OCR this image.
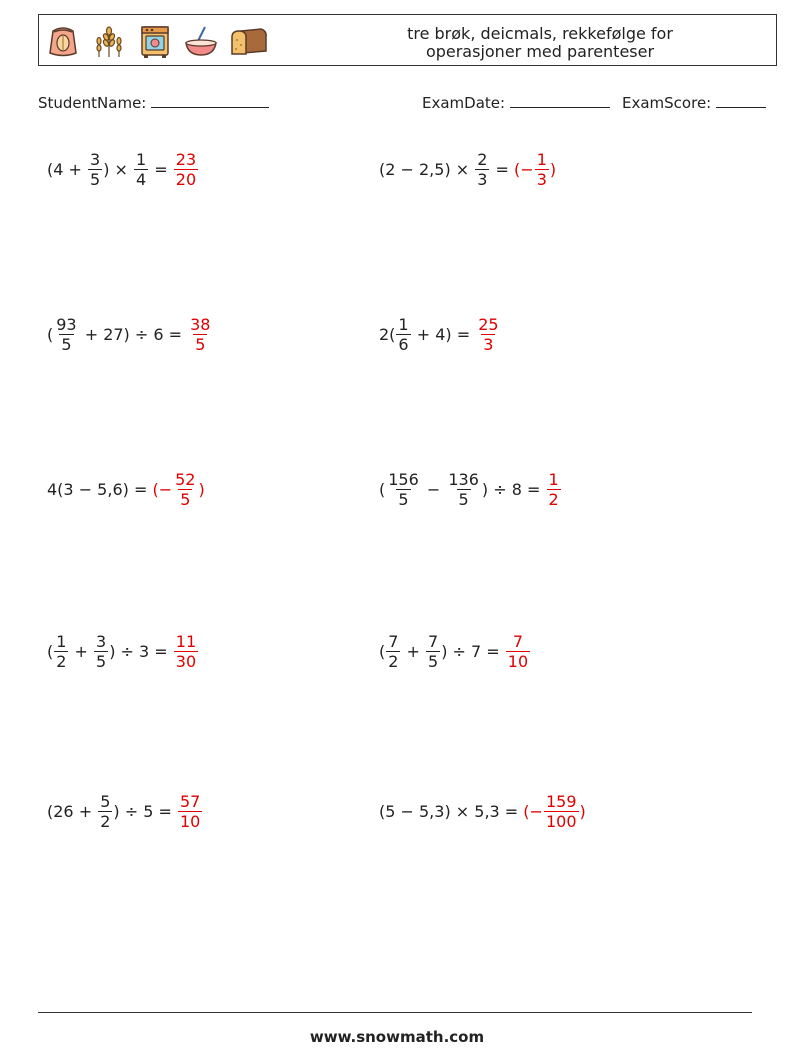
tre brøk, deicmals, rekkefølge for
operasjoner med parenteser
StudentName:	ExamDate:	ExamScore:
($4 + \frac{3}{5}$ ) × $\frac{1}{4} = \frac{23}{20}$	$(2 - 2,5) \times \frac{2}{3}$ = (− $\frac{1}{3}$ )
( $\frac{93}{5} + 27) \div 6 = \frac{38}{5}$	$2( \frac{1}{6} + 4) = \frac{25}{3}$
4(3 − 5,6) = (− $\frac{52}{5}$ )	( $\frac{156}{5} - \frac{136}{5}$ ) ÷ $8 = \frac{1}{2}$
( $\frac{1}{2} + \frac{3}{5}$ ) ÷ $3 = \frac{11}{30}$	( $\frac{7}{2} + \frac{7}{5}$ ) ÷ $7 = \frac{7}{10}$
($26 + \frac{5}{2}$ ) ÷ $5 = \frac{57}{10}$	(5 − 5,3) × 5,3 = (− $\frac{159}{100}$ )
www.snowmath.com
